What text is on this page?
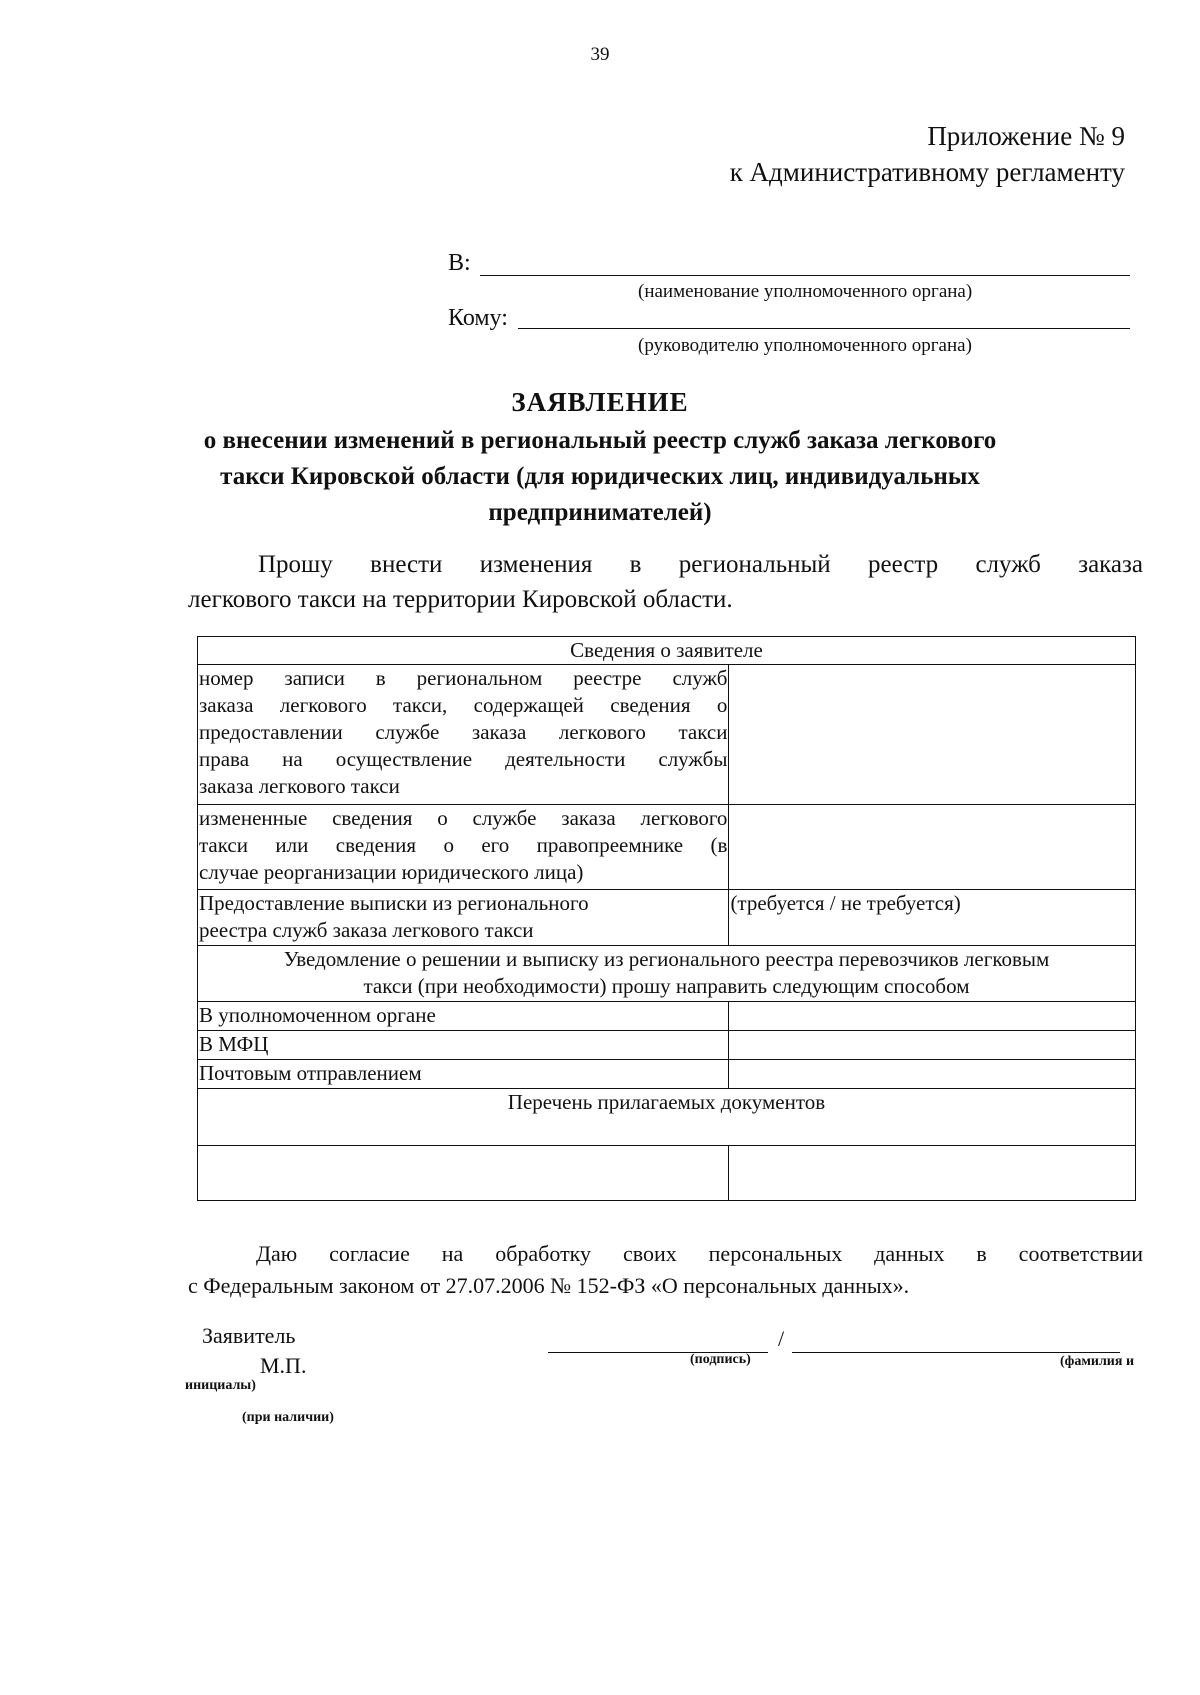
39
Приложение № 9
к Административному регламенту
В:
(наименование уполномоченного органа)
Кому:
(руководителю уполномоченного органа)
ЗАЯВЛЕНИЕ
о внесении изменений в региональный реестр служб заказа легкового
такси Кировской области (для юридических лиц, индивидуальных
предпринимателей)
Прошу внести изменения в региональный реестр служб заказа
легкового такси на территории Кировской области.
Сведения о заявителе	

номер записи в региональном реестре служб
заказа легкового такси, содержащей сведения о
предоставлении службе заказа легкового такси
права на осуществление деятельности службы
заказа легкового такси	

измененные сведения о службе заказа легкового
такси или сведения о его правопреемнике (в
случае реорганизации юридического лица)	

Предоставление выписки из регионального
реестра служб заказа легкового такси	(требуется / не требуется)

Уведомление о решении и выписку из регионального реестра перевозчиков легковым
такси (при необходимости) прошу направить следующим способом	

В уполномоченном органе	
В МФЦ	
Почтовым отправлением	
Перечень прилагаемых документов	

Даю согласие на обработку своих персональных данных в соответствии
с Федеральным законом от 27.07.2006 № 152-ФЗ «О персональных данных».
Заявитель
М.П.	(подпись)
/
(фамилия и
инициалы)
(при наличии)
